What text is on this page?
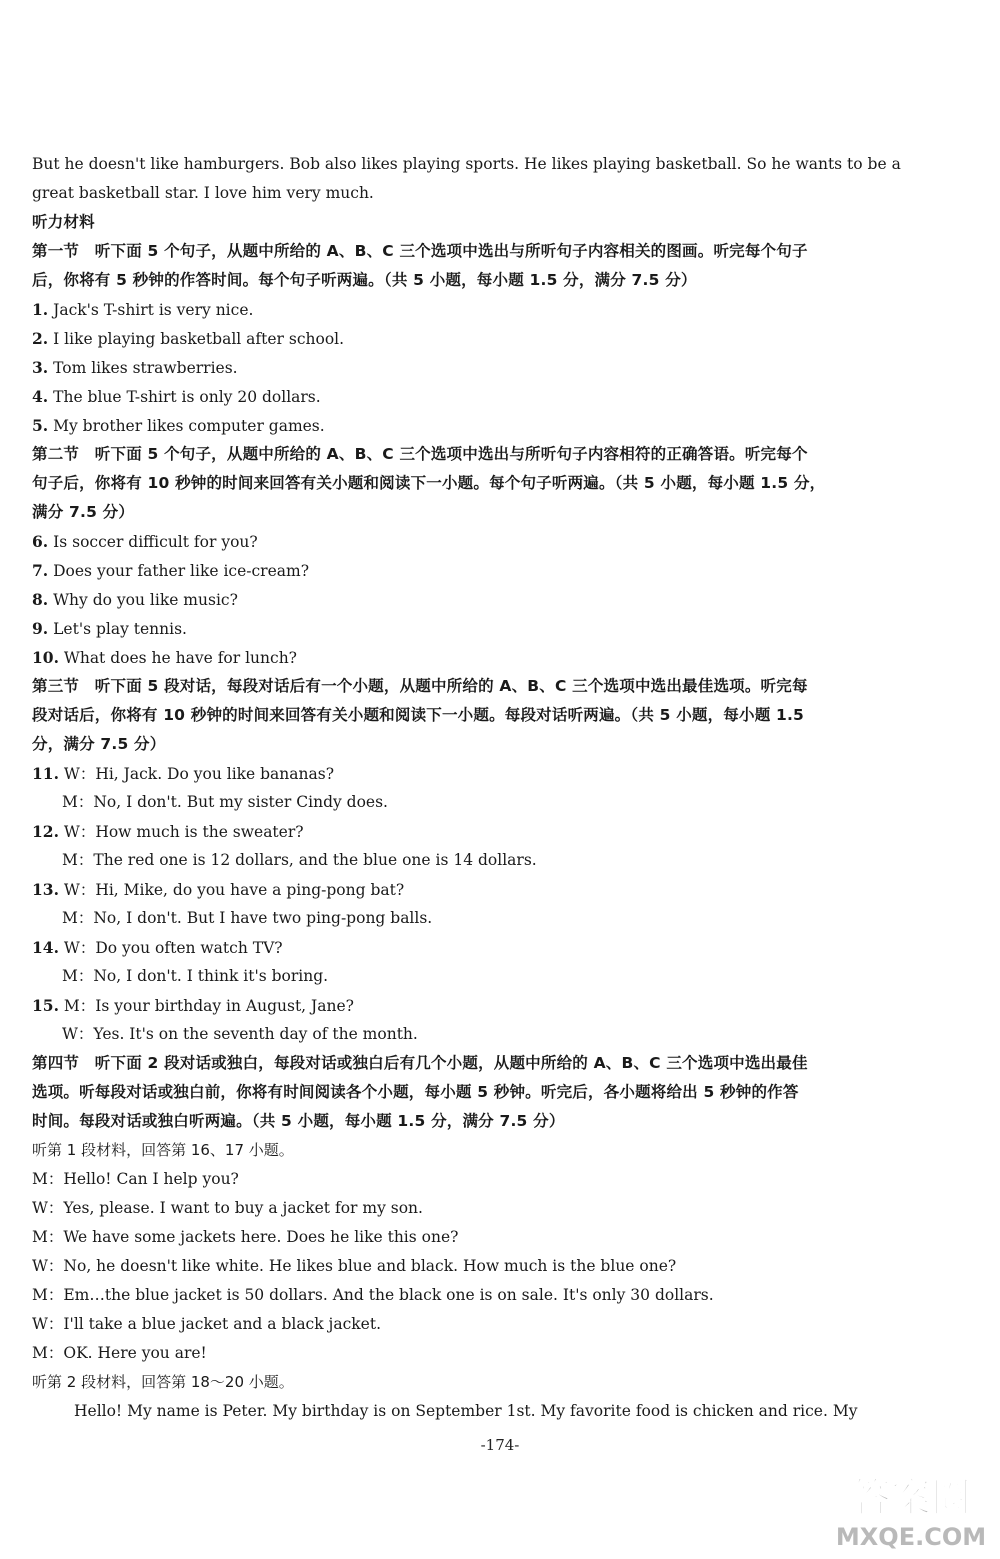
But he doesn't like hamburgers. Bob also likes playing sports. He likes playing basketball. So he wants to be a
great basketball star. I love him very much.
听力材料
第一节　听下面 5 个句子，从题中所给的 A、B、C 三个选项中选出与所听句子内容相关的图画。听完每个句子
后，你将有 5 秒钟的作答时间。每个句子听两遍。（共 5 小题，每小题 1.5 分，满分 7.5 分）
1. Jack's T-shirt is very nice.
2. I like playing basketball after school.
3. Tom likes strawberries.
4. The blue T-shirt is only 20 dollars.
5. My brother likes computer games.
第二节　听下面 5 个句子，从题中所给的 A、B、C 三个选项中选出与所听句子内容相符的正确答语。听完每个
句子后，你将有 10 秒钟的时间来回答有关小题和阅读下一小题。每个句子听两遍。（共 5 小题，每小题 1.5 分，
满分 7.5 分）
6. Is soccer difficult for you?
7. Does your father like ice-cream?
8. Why do you like music?
9. Let's play tennis.
10. What does he have for lunch?
第三节　听下面 5 段对话，每段对话后有一个小题，从题中所给的 A、B、C 三个选项中选出最佳选项。听完每
段对话后，你将有 10 秒钟的时间来回答有关小题和阅读下一小题。每段对话听两遍。（共 5 小题，每小题 1.5
分，满分 7.5 分）
11. W：Hi, Jack. Do you like bananas?
M：No, I don't. But my sister Cindy does.
12. W：How much is the sweater?
M：The red one is 12 dollars, and the blue one is 14 dollars.
13. W：Hi, Mike, do you have a ping-pong bat?
M：No, I don't. But I have two ping-pong balls.
14. W：Do you often watch TV?
M：No, I don't. I think it's boring.
15. M：Is your birthday in August, Jane?
W：Yes. It's on the seventh day of the month.
第四节　听下面 2 段对话或独白，每段对话或独白后有几个小题，从题中所给的 A、B、C 三个选项中选出最佳
选项。听每段对话或独白前，你将有时间阅读各个小题，每小题 5 秒钟。听完后，各小题将给出 5 秒钟的作答
时间。每段对话或独白听两遍。（共 5 小题，每小题 1.5 分，满分 7.5 分）
听第 1 段材料，回答第 16、17 小题。
M：Hello! Can I help you?
W：Yes, please. I want to buy a jacket for my son.
M：We have some jackets here. Does he like this one?
W：No, he doesn't like white. He likes blue and black. How much is the blue one?
M：Em…the blue jacket is 50 dollars. And the black one is on sale. It's only 30 dollars.
W：I'll take a blue jacket and a black jacket.
M：OK. Here you are!
听第 2 段材料，回答第 18～20 小题。
Hello! My name is Peter. My birthday is on September 1st. My favorite food is chicken and rice. My
-174-
答案圈
MXQE.COM
